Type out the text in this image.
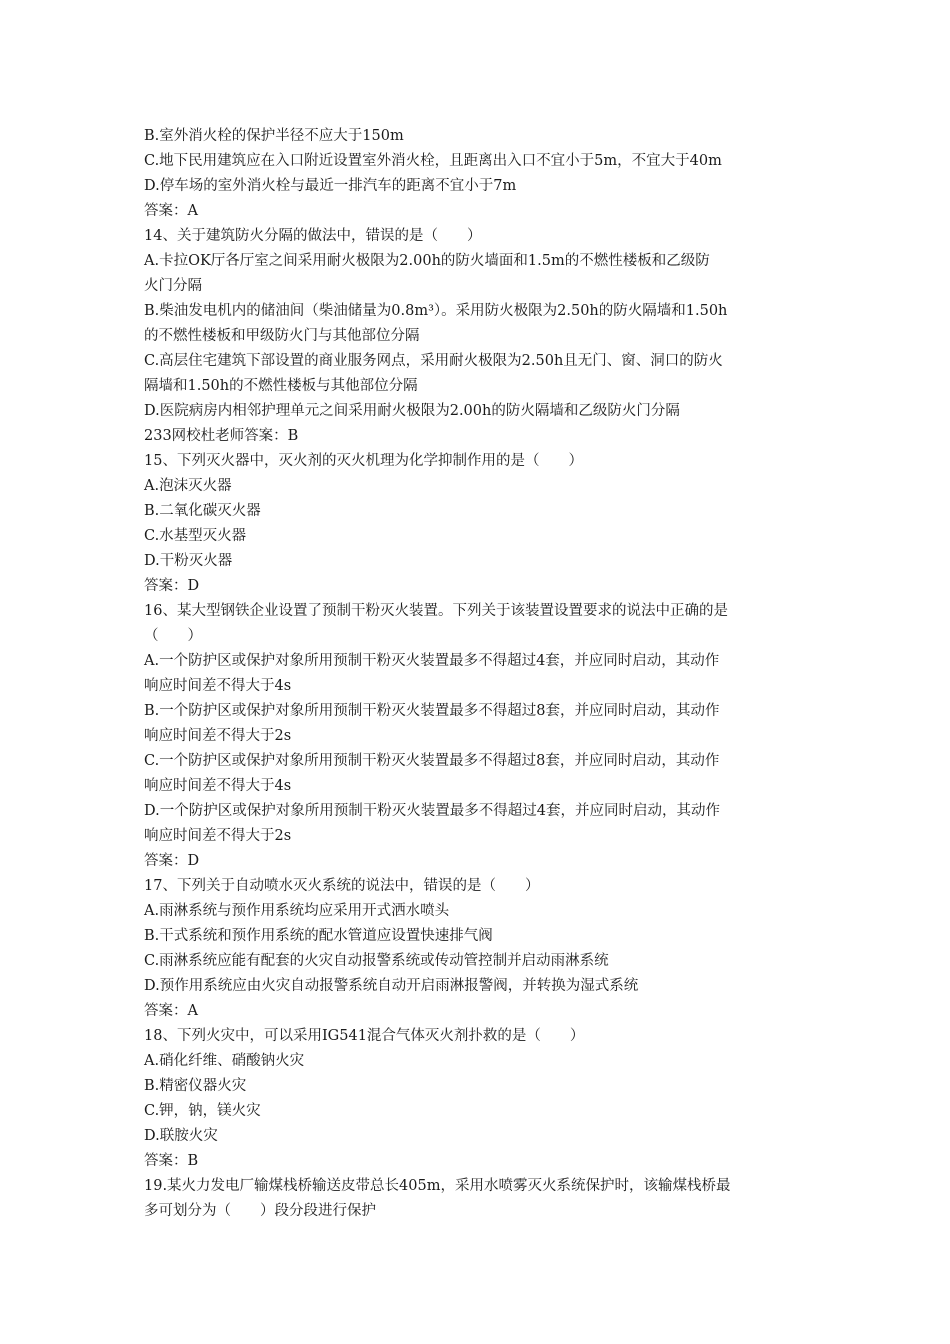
B.室外消火栓的保护半径不应大于150m
C.地下民用建筑应在入口附近设置室外消火栓，且距离出入口不宜小于5m，不宜大于40m
D.停车场的室外消火栓与最近一排汽车的距离不宜小于7m
答案：A
14、关于建筑防火分隔的做法中，错误的是（　　）
A.卡拉OK厅各厅室之间采用耐火极限为2.00h的防火墙面和1.5m的不燃性楼板和乙级防
火门分隔
B.柴油发电机内的储油间（柴油储量为0.8m³）。采用防火极限为2.50h的防火隔墙和1.50h
的不燃性楼板和甲级防火门与其他部位分隔
C.高层住宅建筑下部设置的商业服务网点，采用耐火极限为2.50h且无门、窗、洞口的防火
隔墙和1.50h的不燃性楼板与其他部位分隔
D.医院病房内相邻护理单元之间采用耐火极限为2.00h的防火隔墙和乙级防火门分隔
233网校杜老师答案：B
15、下列灭火器中，灭火剂的灭火机理为化学抑制作用的是（　　）
A.泡沫灭火器
B.二氧化碳灭火器
C.水基型灭火器
D.干粉灭火器
答案：D
16、某大型钢铁企业设置了预制干粉灭火装置。下列关于该装置设置要求的说法中正确的是
（　　）
A.一个防护区或保护对象所用预制干粉灭火装置最多不得超过4套，并应同时启动，其动作
响应时间差不得大于4s
B.一个防护区或保护对象所用预制干粉灭火装置最多不得超过8套，并应同时启动，其动作
响应时间差不得大于2s
C.一个防护区或保护对象所用预制干粉灭火装置最多不得超过8套，并应同时启动，其动作
响应时间差不得大于4s
D.一个防护区或保护对象所用预制干粉灭火装置最多不得超过4套，并应同时启动，其动作
响应时间差不得大于2s
答案：D
17、下列关于自动喷水灭火系统的说法中，错误的是（　　）
A.雨淋系统与预作用系统均应采用开式洒水喷头
B.干式系统和预作用系统的配水管道应设置快速排气阀
C.雨淋系统应能有配套的火灾自动报警系统或传动管控制并启动雨淋系统
D.预作用系统应由火灾自动报警系统自动开启雨淋报警阀，并转换为湿式系统
答案：A
18、下列火灾中，可以采用IG541混合气体灭火剂扑救的是（　　）
A.硝化纤维、硝酸钠火灾
B.精密仪器火灾
C.钾，钠，镁火灾
D.联胺火灾
答案：B
19.某火力发电厂输煤栈桥输送皮带总长405m，采用水喷雾灭火系统保护时，该输煤栈桥最
多可划分为（　　）段分段进行保护
